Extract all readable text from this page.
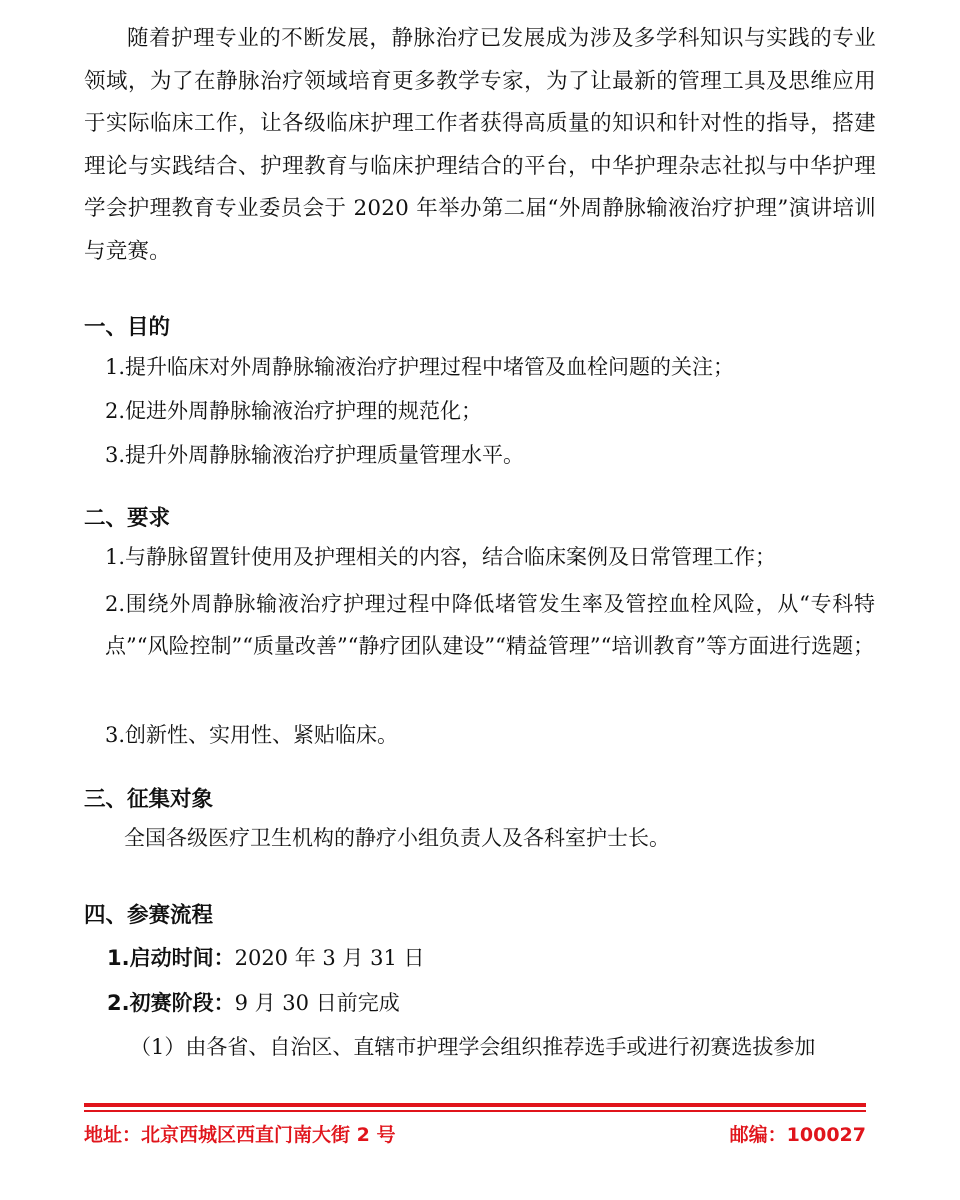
随着护理专业的不断发展，静脉治疗已发展成为涉及多学科知识与实践的专业领域，为了在静脉治疗领域培育更多教学专家，为了让最新的管理工具及思维应用于实际临床工作，让各级临床护理工作者获得高质量的知识和针对性的指导，搭建理论与实践结合、护理教育与临床护理结合的平台，中华护理杂志社拟与中华护理学会护理教育专业委员会于 2020 年举办第二届“外周静脉输液治疗护理”演讲培训与竞赛。

一、目的

1.提升临床对外周静脉输液治疗护理过程中堵管及血栓问题的关注；

2.促进外周静脉输液治疗护理的规范化；

3.提升外周静脉输液治疗护理质量管理水平。

二、要求

1.与静脉留置针使用及护理相关的内容，结合临床案例及日常管理工作；

2.围绕外周静脉输液治疗护理过程中降低堵管发生率及管控血栓风险，从“专科特点”“风险控制”“质量改善”“静疗团队建设”“精益管理”“培训教育”等方面进行选题；

3.创新性、实用性、紧贴临床。

三、征集对象

全国各级医疗卫生机构的静疗小组负责人及各科室护士长。

四、参赛流程

1.启动时间：2020 年 3 月 31 日

2.初赛阶段：9 月 30 日前完成

（1）由各省、自治区、直辖市护理学会组织推荐选手或进行初赛选拔参加

地址：北京西城区西直门南大街 2 号	邮编：100027
